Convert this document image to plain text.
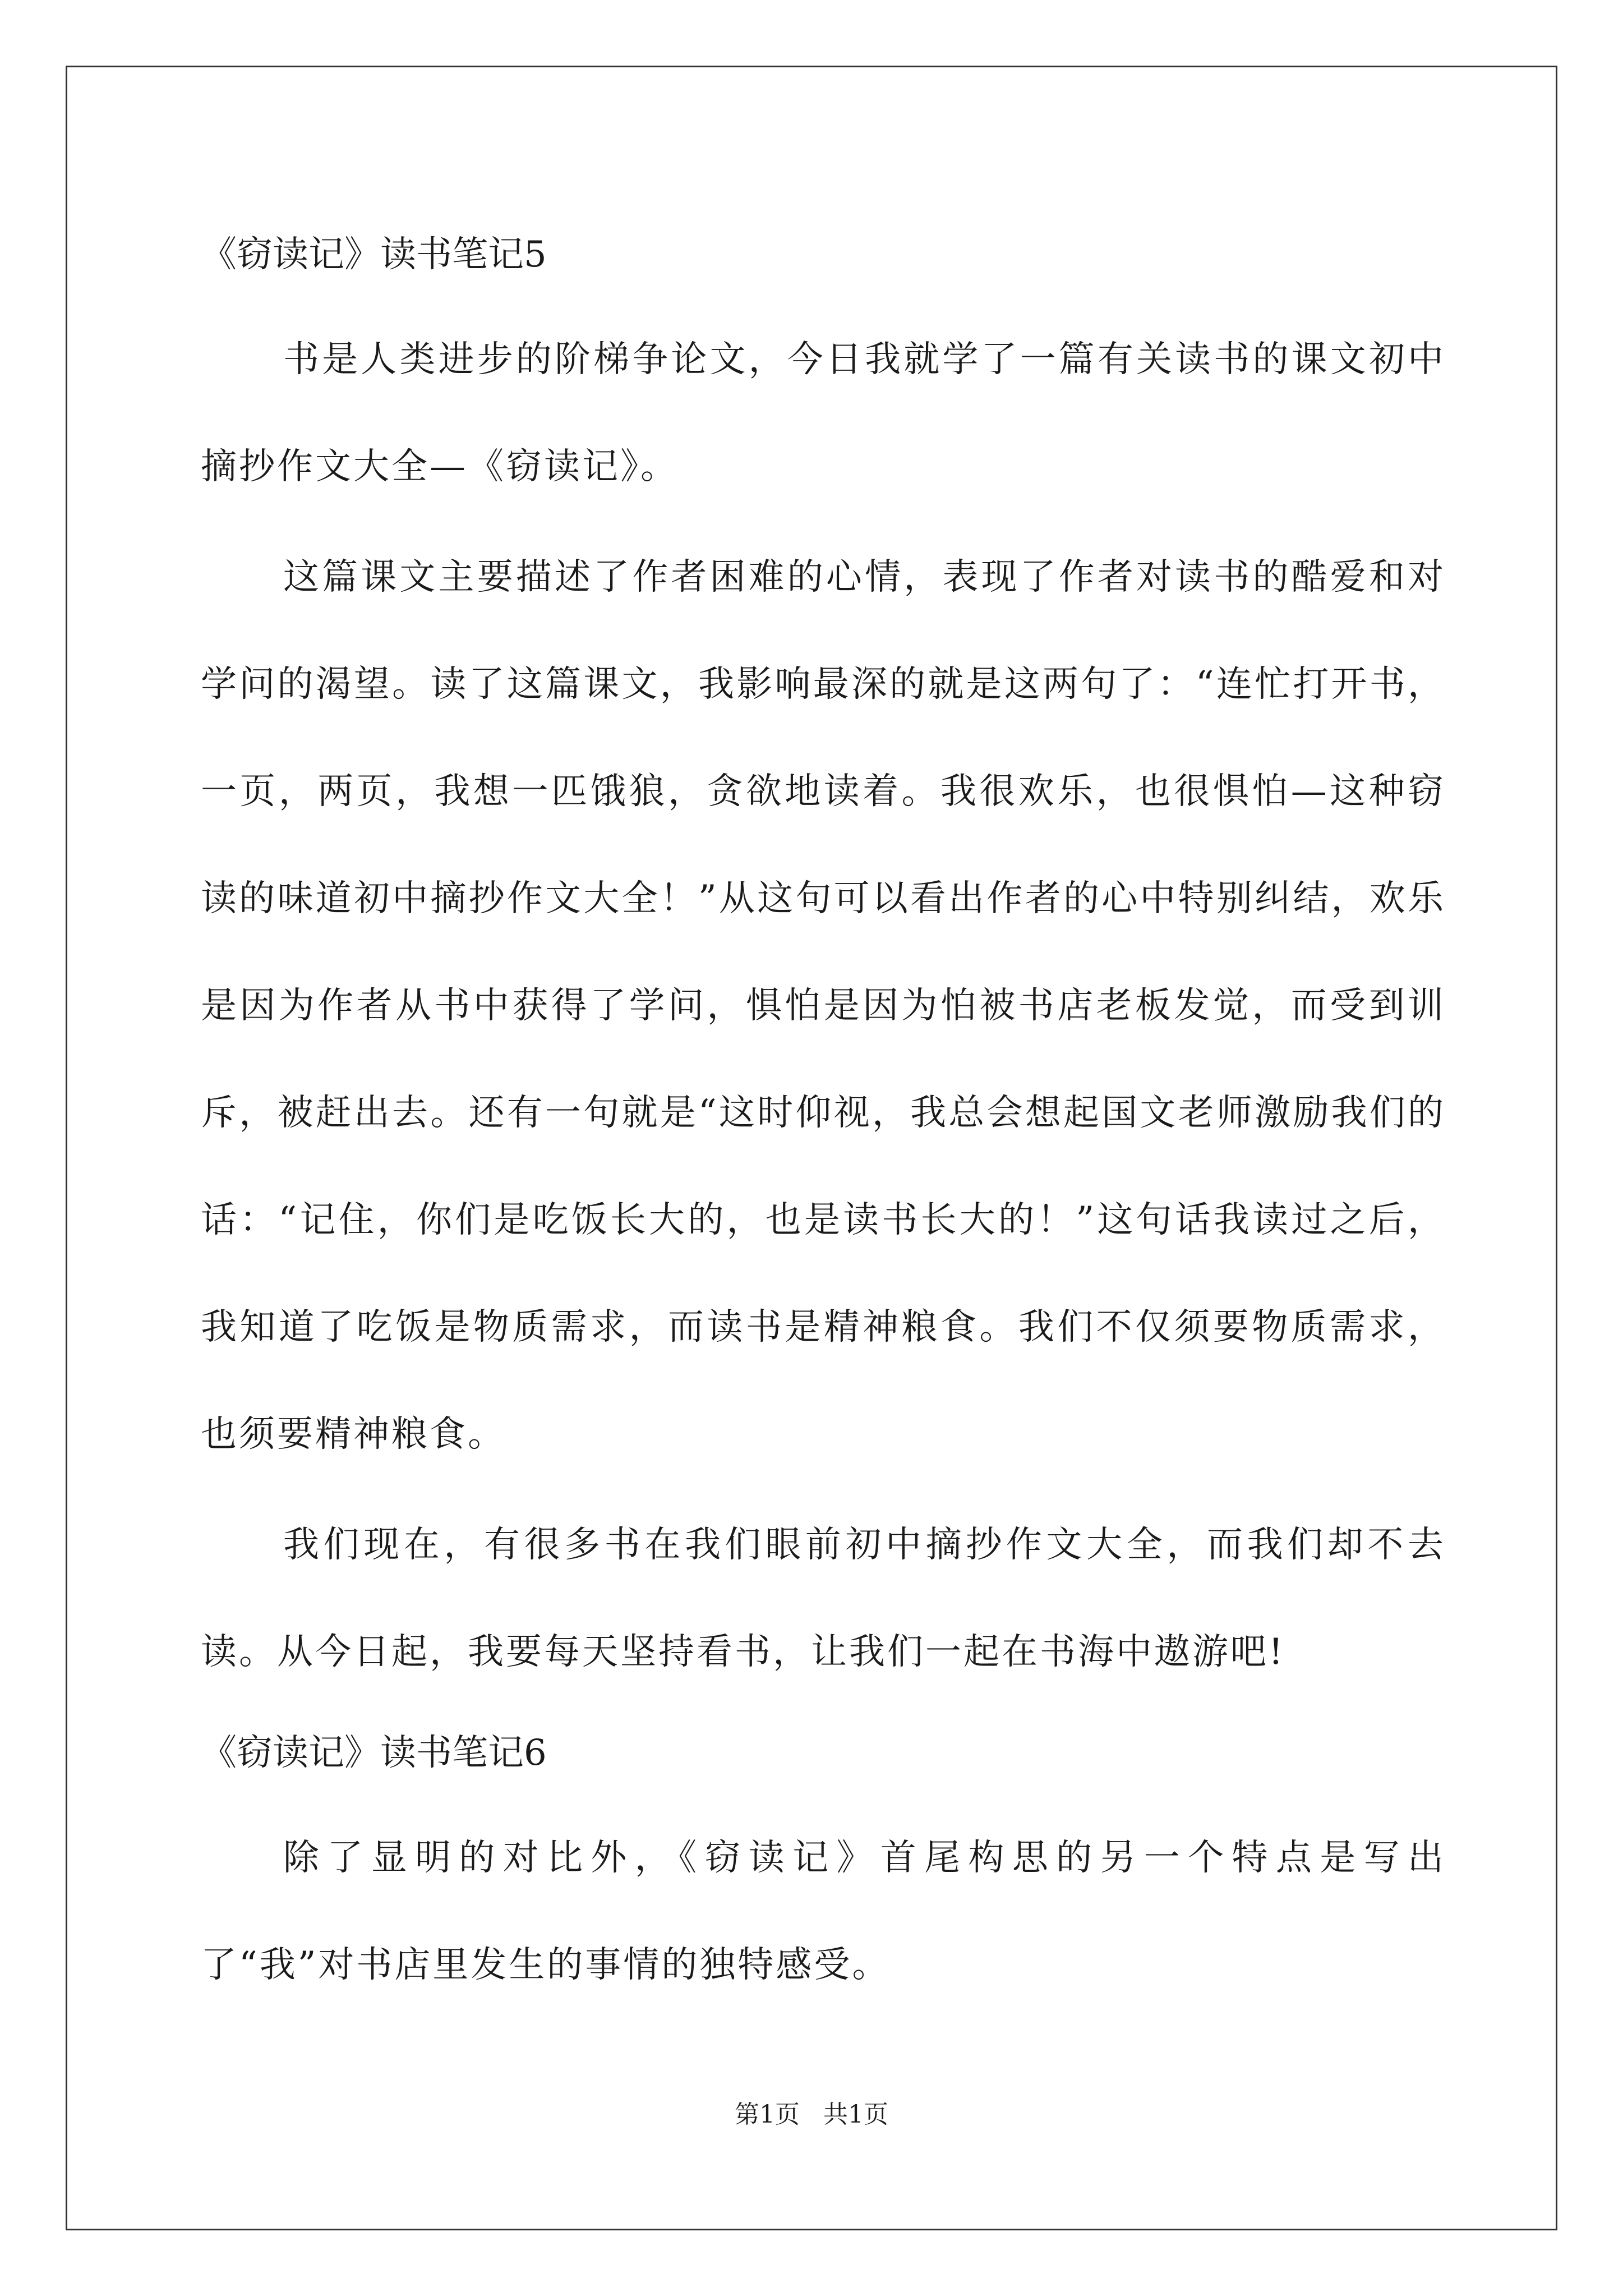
《窃读记》读书笔记5

书是人类进步的阶梯争论文，今日我就学了一篇有关读书的课文初中摘抄作文大全—《窃读记》。

这篇课文主要描述了作者困难的心情，表现了作者对读书的酷爱和对学问的渴望。读了这篇课文，我影响最深的就是这两句了：“连忙打开书，一页，两页，我想一匹饿狼，贪欲地读着。我很欢乐，也很惧怕—这种窃读的味道初中摘抄作文大全！”从这句可以看出作者的心中特别纠结，欢乐是因为作者从书中获得了学问，惧怕是因为怕被书店老板发觉，而受到训斥，被赶出去。还有一句就是“这时仰视，我总会想起国文老师激励我们的话：“记住，你们是吃饭长大的，也是读书长大的！”这句话我读过之后，我知道了吃饭是物质需求，而读书是精神粮食。我们不仅须要物质需求，也须要精神粮食。

我们现在，有很多书在我们眼前初中摘抄作文大全，而我们却不去读。从今日起，我要每天坚持看书，让我们一起在书海中遨游吧!

《窃读记》读书笔记6

除了显明的对比外，《窃读记》首尾构思的另一个特点是写出了“我”对书店里发生的事情的独特感受。

第1页 共1页
